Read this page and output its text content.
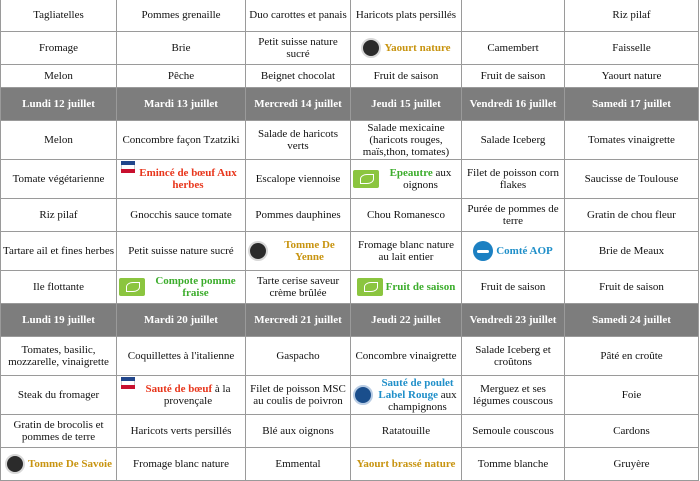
Tagliatelles	Pommes grenaille	Duo carottes et panais	Haricots plats persillés		Riz pilaf
Fromage	Brie	Petit suisse nature sucré	Yaourt nature	Camembert	Faisselle
Melon	Pêche	Beignet chocolat	Fruit de saison	Fruit de saison	Yaourt nature
Lundi 12 juillet	Mardi 13 juillet	Mercredi 14 juillet	Jeudi 15 juillet	Vendredi 16 juillet	Samedi 17 juillet
Melon	Concombre façon Tzatziki	Salade de haricots verts	Salade mexicaine (haricots rouges, maïs,thon, tomates)	Salade Iceberg	Tomates vinaigrette
Tomate végétarienne	Emincé de bœuf Aux herbes	Escalope viennoise	Epeautre aux oignons	Filet de poisson corn flakes	Saucisse de Toulouse
Riz pilaf	Gnocchis sauce tomate	Pommes dauphines	Chou Romanesco	Purée de pommes de terre	Gratin de chou fleur
Tartare ail et fines herbes	Petit suisse nature sucré	Tomme De Yenne	Fromage blanc nature au lait entier	Comté AOP	Brie de Meaux
Ile flottante	Compote pomme fraise	Tarte cerise saveur crème brûlée	Fruit de saison	Fruit de saison	Fruit de saison
Lundi 19 juillet	Mardi 20 juillet	Mercredi 21 juillet	Jeudi 22 juillet	Vendredi 23 juillet	Samedi 24 juillet
Tomates, basilic, mozzarelle, vinaigrette	Coquillettes à l'italienne	Gaspacho	Concombre vinaigrette	Salade Iceberg et croûtons	Pâté en croûte
Steak du fromager	Sauté de bœuf à la provençale	Filet de poisson MSC au coulis de poivron	Sauté de poulet Label Rouge aux champignons	Merguez et ses légumes couscous	Foie
Gratin de brocolis et pommes de terre	Haricots verts persillés	Blé aux oignons	Ratatouille	Semoule couscous	Cardons

Tomme De Savoie	Fromage blanc nature	Emmental	Yaourt brassé nature	Tomme blanche	Gruyère
